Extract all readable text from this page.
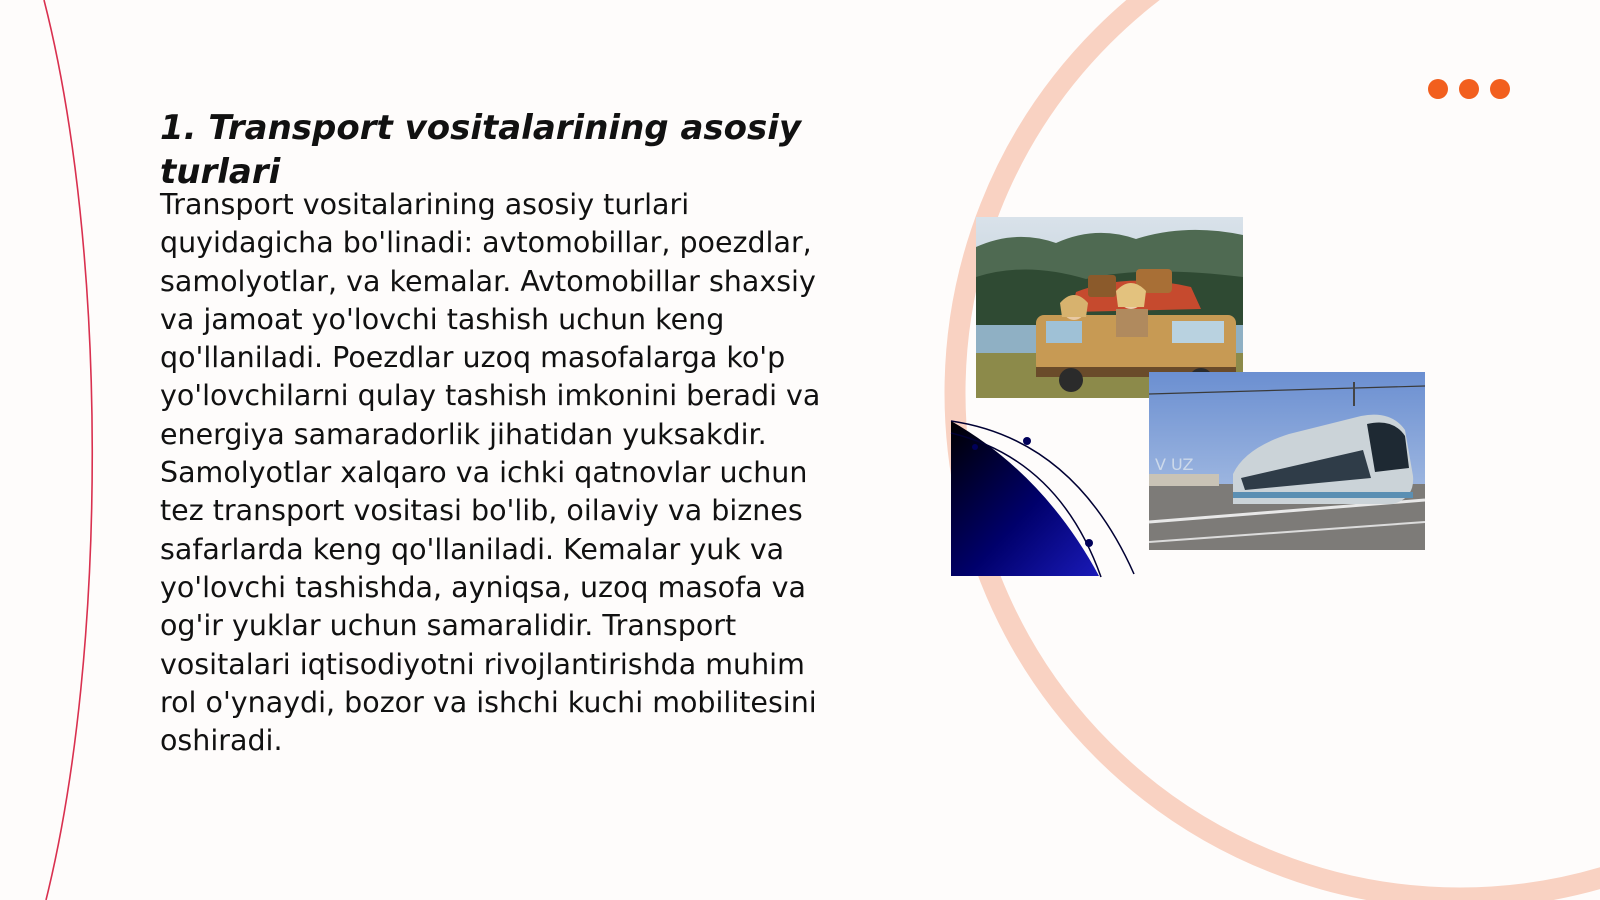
1. Transport vositalarining asosiy turlari

Transport vositalarining asosiy turlari quyidagicha bo'linadi: avtomobillar, poezdlar, samolyotlar, va kemalar. Avtomobillar shaxsiy va jamoat yo'lovchi tashish uchun keng qo'llaniladi. Poezdlar uzoq masofalarga ko'p yo'lovchilarni qulay tashish imkonini beradi va energiya samaradorlik jihatidan yuksakdir. Samolyotlar xalqaro va ichki qatnovlar uchun tez transport vositasi bo'lib, oilaviy va biznes safarlarda keng qo'llaniladi. Kemalar yuk va yo'lovchi tashishda, ayniqsa, uzoq masofa va og'ir yuklar uchun samaralidir. Transport vositalari iqtisodiyotni rivojlantirishda muhim rol o'ynaydi, bozor va ishchi kuchi mobilitesini oshiradi.

V UZ
